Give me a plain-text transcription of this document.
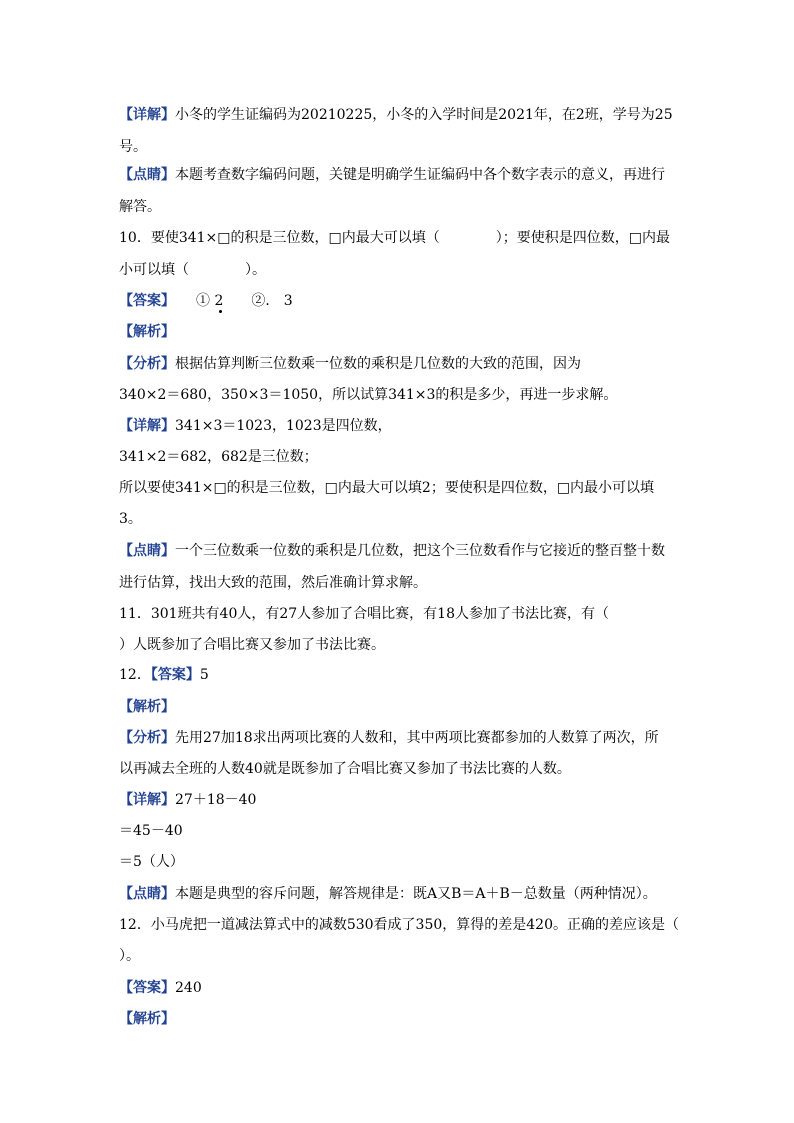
【详解】小冬的学生证编码为20210225，小冬的入学时间是2021年，在2班，学号为25
号。
【点睛】本题考查数字编码问题，关键是明确学生证编码中各个数字表示的意义，再进行
解答。
10．要使341×□的积是三位数，□内最大可以填（　　　　）；要使积是四位数，□内最
小可以填（　　　　）。
【答案】　　① 2　　②． 3
【解析】
【分析】根据估算判断三位数乘一位数的乘积是几位数的大致的范围，因为
340×2＝680，350×3＝1050，所以试算341×3的积是多少，再进一步求解。
【详解】341×3＝1023，1023是四位数，
341×2＝682，682是三位数；
所以要使341×□的积是三位数，□内最大可以填2；要使积是四位数，□内最小可以填
3。
【点睛】一个三位数乘一位数的乘积是几位数，把这个三位数看作与它接近的整百整十数
进行估算，找出大致的范围，然后准确计算求解。
11．301班共有40人，有27人参加了合唱比赛，有18人参加了书法比赛，有（
）人既参加了合唱比赛又参加了书法比赛。
12．【答案】5
【解析】
【分析】先用27加18求出两项比赛的人数和，其中两项比赛都参加的人数算了两次，所
以再减去全班的人数40就是既参加了合唱比赛又参加了书法比赛的人数。
【详解】27＋18－40
＝45－40
＝5（人）
【点睛】本题是典型的容斥问题，解答规律是：既A又B＝A＋B－总数量（两种情况）。
12．小马虎把一道减法算式中的减数530看成了350，算得的差是420。正确的差应该是（
）。
【答案】240
【解析】
